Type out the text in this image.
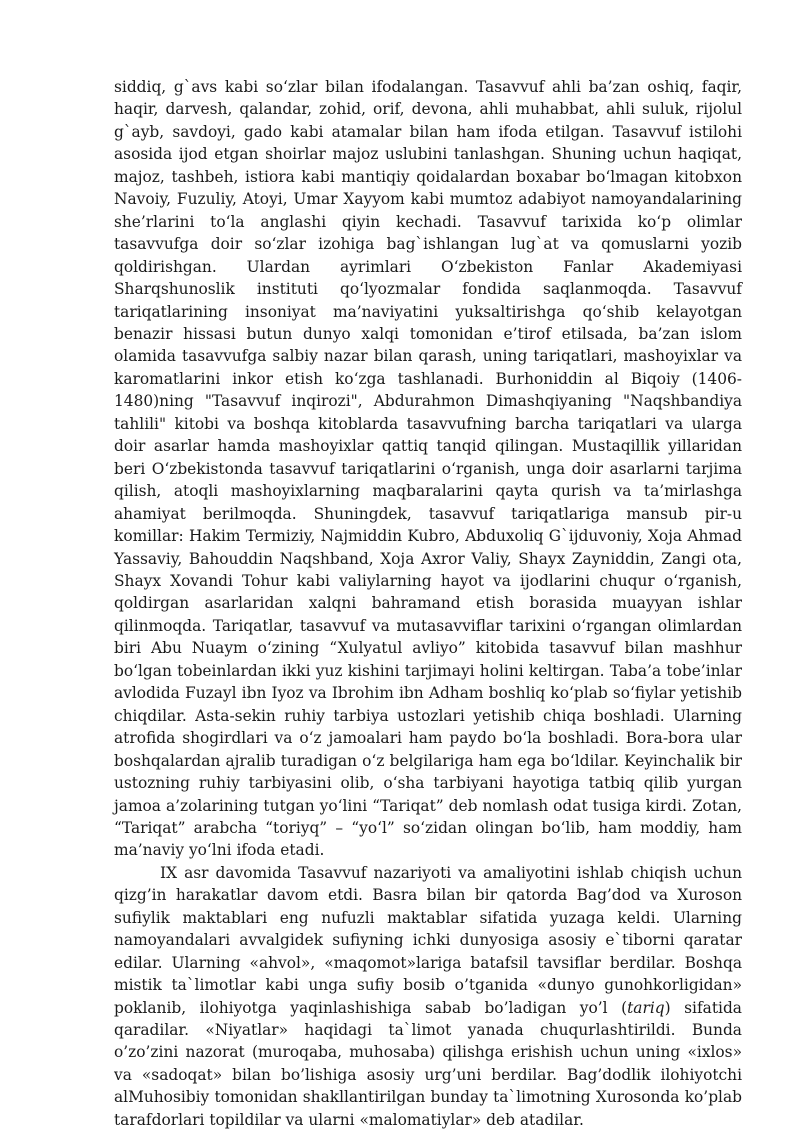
siddiq, g`avs kabi so‘zlar bilan ifodalangan. Tasavvuf ahli ba’zan oshiq, faqir, haqir, darvesh, qalandar, zohid, orif, devona, ahli muhabbat, ahli suluk, rijolul g`ayb, savdoyi, gado kabi atamalar bilan ham ifoda etilgan. Tasavvuf istilohi asosida ijod etgan shoirlar majoz uslubini tanlashgan. Shuning uchun haqiqat, majoz, tashbeh, istiora kabi mantiqiy qoidalardan boxabar bo‘lmagan kitobxon Navoiy, Fuzuliy, Atoyi, Umar Xayyom kabi mumtoz adabiyot namoyandalarining she’rlarini to‘la anglashi qiyin kechadi. Tasavvuf tarixida ko‘p olimlar tasavvufga doir so‘zlar izohiga bag`ishlangan lug`at va qomuslarni yozib qoldirishgan. Ulardan ayrimlari O‘zbekiston Fanlar Akademiyasi Sharqshunoslik instituti qo‘lyozmalar fondida saqlanmoqda. Tasavvuf tariqatlarining insoniyat ma’naviyatini yuksaltirishga qo‘shib kelayotgan benazir hissasi butun dunyo xalqi tomonidan e’tirof etilsada, ba’zan islom olamida tasavvufga salbiy nazar bilan qarash, uning tariqatlari, mashoyixlar va karomatlarini inkor etish ko‘zga tashlanadi. Burhoniddin al Biqoiy (1406-1480)ning "Tasavvuf inqirozi", Abdurahmon Dimashqiyaning "Naqshbandiya tahlili" kitobi va boshqa kitoblarda tasavvufning barcha tariqatlari va ularga doir asarlar hamda mashoyixlar qattiq tanqid qilingan. Mustaqillik yillaridan beri O‘zbekistonda tasavvuf tariqatlarini o‘rganish, unga doir asarlarni tarjima qilish, atoqli mashoyixlarning maqbaralarini qayta qurish va ta’mirlashga ahamiyat berilmoqda. Shuningdek, tasavvuf tariqatlariga mansub pir-u komillar: Hakim Termiziy, Najmiddin Kubro, Abduxoliq G`ijduvoniy, Xoja Ahmad Yassaviy, Bahouddin Naqshband, Xoja Axror Valiy, Shayx Zayniddin, Zangi ota, Shayx Xovandi Tohur kabi valiylarning hayot va ijodlarini chuqur o‘rganish, qoldirgan asarlaridan xalqni bahramand etish borasida muayyan ishlar qilinmoqda. Tariqatlar, tasavvuf va mutasavviflar tarixini o‘rgangan olimlardan biri Abu Nuaym o‘zining “Xulyatul avliyo” kitobida tasavvuf bilan mashhur bo‘lgan tobeinlardan ikki yuz kishini tarjimayi holini keltirgan. Taba’a tobe’inlar avlodida Fuzayl ibn Iyoz va Ibrohim ibn Adham boshliq ko‘plab so‘fiylar yetishib chiqdilar. Asta-sekin ruhiy tarbiya ustozlari yetishib chiqa boshladi. Ularning atrofida shogirdlari va o‘z jamoalari ham paydo bo‘la boshladi. Bora-bora ular boshqalardan ajralib turadigan o‘z belgilariga ham ega bo‘ldilar. Keyinchalik bir ustozning ruhiy tarbiyasini olib, o‘sha tarbiyani hayotiga tatbiq qilib yurgan jamoa a’zolarining tutgan yo‘lini “Tariqat” deb nomlash odat tusiga kirdi. Zotan, “Tariqat” arabcha “toriyq” – “yo‘l” so‘zidan olingan bo‘lib, ham moddiy, ham ma’naviy yo‘lni ifoda etadi.

IX asr davomida Tasavvuf nazariyoti va amaliyotini ishlab chiqish uchun qizg’in harakatlar davom etdi. Basra bilan bir qatorda Bag’dod va Xuroson sufiylik maktablari eng nufuzli maktablar sifatida yuzaga keldi. Ularning namoyandalari avvalgidek sufiyning ichki dunyosiga asosiy e`tiborni qaratar edilar. Ularning «ahvol», «maqomot»lariga batafsil tavsiflar berdilar. Boshqa mistik ta`limotlar kabi unga sufiy bosib o’tganida «dunyo gunohkorligidan» poklanib, ilohiyotga yaqinlashishiga sabab bo’ladigan yo’l (tariq) sifatida qaradilar. «Niyatlar» haqidagi ta`limot yanada chuqurlashtirildi. Bunda o’zo’zini nazorat (muroqaba, muhosaba) qilishga erishish uchun uning «ixlos» va «sadoqat» bilan bo’lishiga asosiy urg’uni berdilar. Bag’dodlik ilohiyotchi alMuhosibiy tomonidan shakllantirilgan bunday ta`limotning Xurosonda ko’plab tarafdorlari topildilar va ularni «malomatiylar» deb atadilar.
